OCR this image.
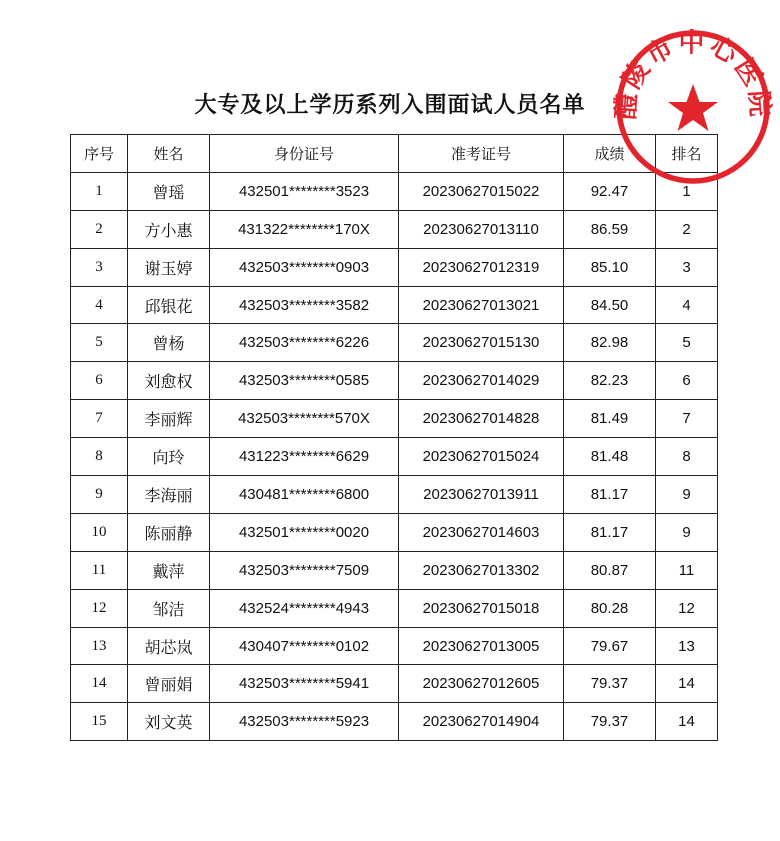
大专及以上学历系列入围面试人员名单
序号	姓名	身份证号	准考证号	成绩	排名
1	曾瑶	432501********3523	20230627015022	92.47	1
2	方小惠	431322********170X	20230627013110	86.59	2
3	谢玉婷	432503********0903	20230627012319	85.10	3
4	邱银花	432503********3582	20230627013021	84.50	4
5	曾杨	432503********6226	20230627015130	82.98	5
6	刘愈权	432503********0585	20230627014029	82.23	6
7	李丽辉	432503********570X	20230627014828	81.49	7
8	向玲	431223********6629	20230627015024	81.48	8
9	李海丽	430481********6800	20230627013911	81.17	9
10	陈丽静	432501********0020	20230627014603	81.17	9
11	戴萍	432503********7509	20230627013302	80.87	11
12	邹洁	432524********4943	20230627015018	80.28	12
13	胡芯岚	430407********0102	20230627013005	79.67	13
14	曾丽娟	432503********5941	20230627012605	79.37	14
15	刘文英	432503********5923	20230627014904	79.37	14
醴陵市中心医院
